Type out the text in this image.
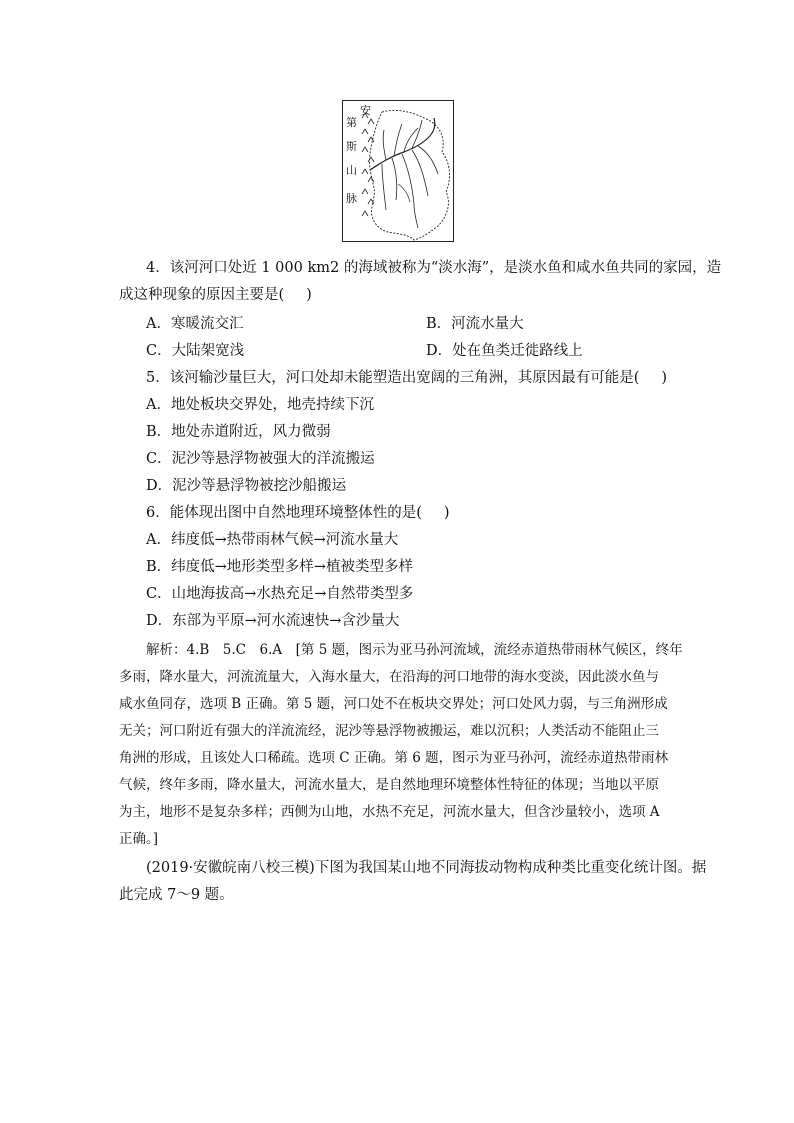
安
第
斯
山
脉
4．该河河口处近 1 000 km2 的海域被称为“淡水海”，是淡水鱼和咸水鱼共同的家园，造
成这种现象的原因主要是( )
A．寒暖流交汇	B．河流水量大
C．大陆架宽浅	D．处在鱼类迁徙路线上
5．该河输沙量巨大，河口处却未能塑造出宽阔的三角洲，其原因最有可能是( )
A．地处板块交界处，地壳持续下沉
B．地处赤道附近，风力微弱
C．泥沙等悬浮物被强大的洋流搬运
D．泥沙等悬浮物被挖沙船搬运
6．能体现出图中自然地理环境整体性的是( )
A．纬度低→热带雨林气候→河流水量大
B．纬度低→地形类型多样→植被类型多样
C．山地海拔高→水热充足→自然带类型多
D．东部为平原→河水流速快→含沙量大
解析：4.B　5.C　6.A　[第 5 题，图示为亚马孙河流域，流经赤道热带雨林气候区，终年
多雨，降水量大，河流流量大，入海水量大，在沿海的河口地带的海水变淡，因此淡水鱼与
咸水鱼同存，选项 B 正确。第 5 题，河口处不在板块交界处；河口处风力弱，与三角洲形成
无关；河口附近有强大的洋流流经，泥沙等悬浮物被搬运，难以沉积；人类活动不能阻止三
角洲的形成，且该处人口稀疏。选项 C 正确。第 6 题，图示为亚马孙河，流经赤道热带雨林
气候，终年多雨，降水量大，河流水量大，是自然地理环境整体性特征的体现；当地以平原
为主，地形不是复杂多样；西侧为山地，水热不充足，河流水量大，但含沙量较小，选项 A
正确。]
(2019·安徽皖南八校三模)下图为我国某山地不同海拔动物构成种类比重变化统计图。据
此完成 7～9 题。
